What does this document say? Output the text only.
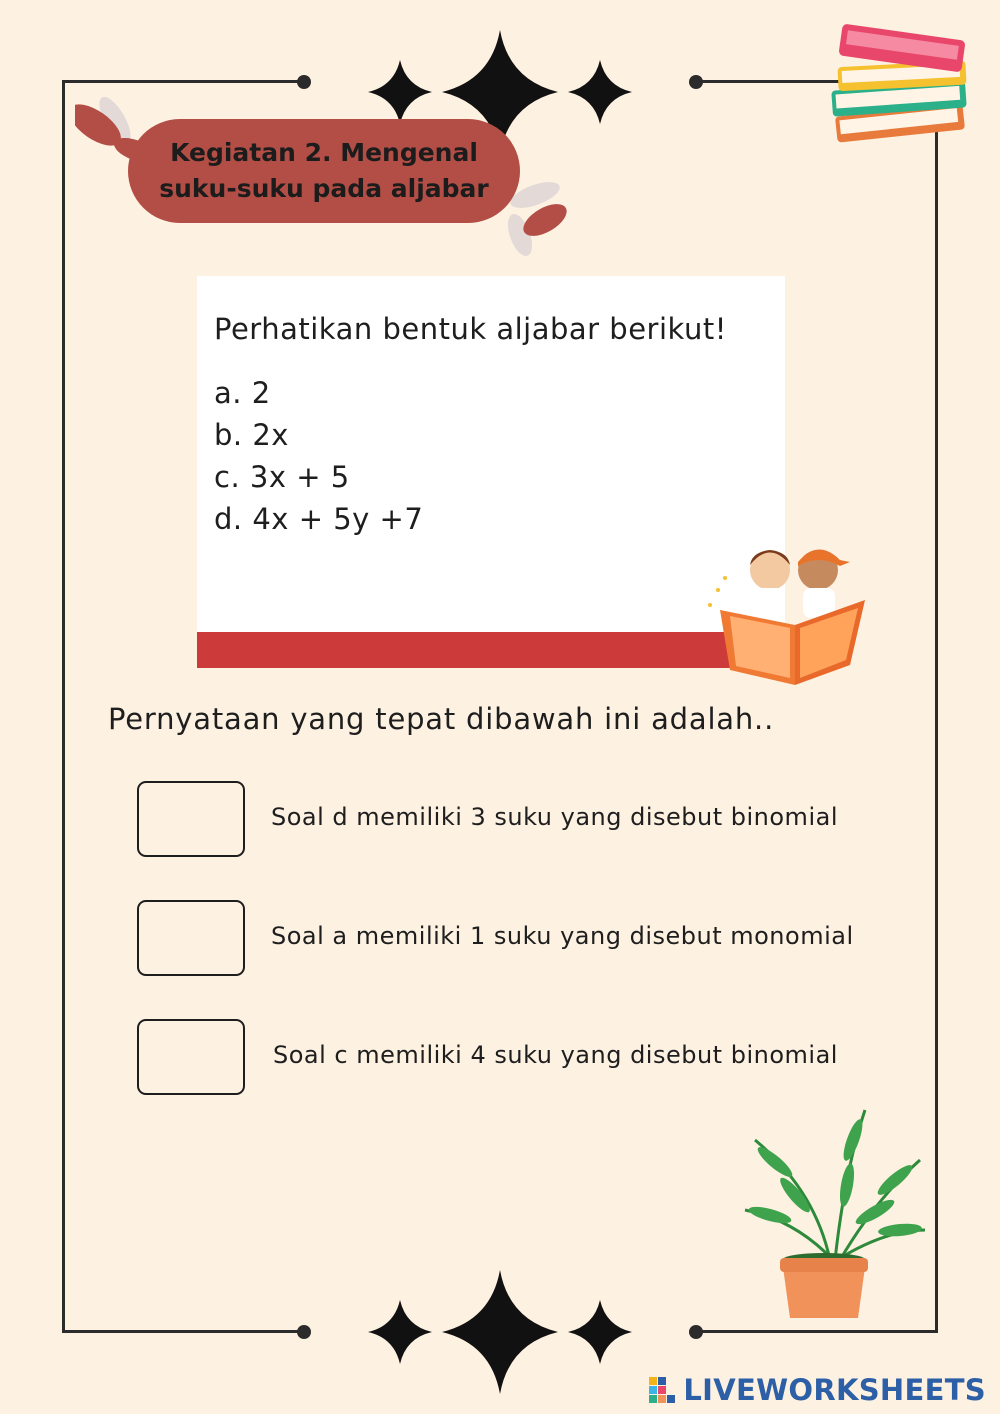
Kegiatan 2. Mengenal
suku-suku pada aljabar
Perhatikan bentuk aljabar berikut!
a. 2
b. 2x
c. 3x + 5
d. 4x + 5y +7
Pernyataan yang tepat dibawah ini adalah..
Soal d memiliki 3 suku yang disebut binomial
Soal a memiliki 1 suku yang disebut monomial
Soal c memiliki 4 suku yang disebut binomial
LIVEWORKSHEETS
